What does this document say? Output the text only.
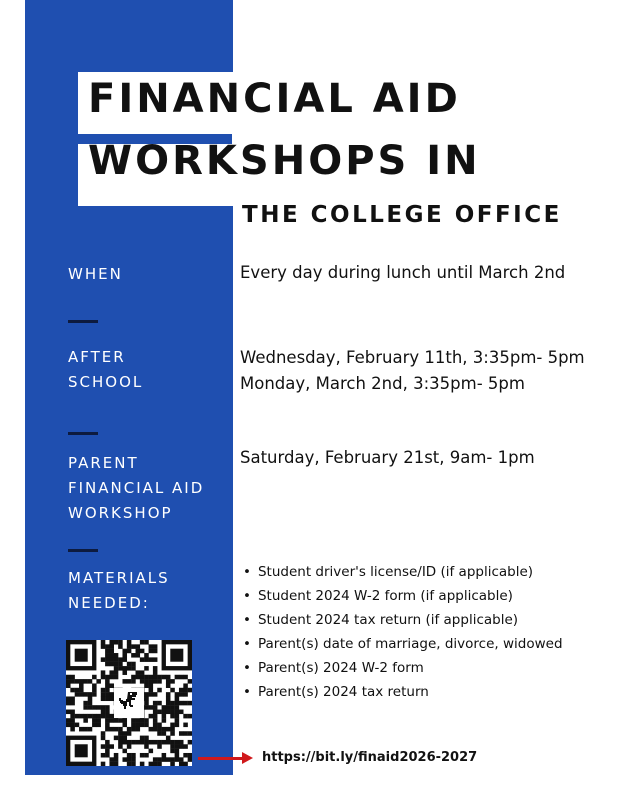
FINANCIAL AID
WORKSHOPS IN
THE COLLEGE OFFICE
WHEN	Every day during lunch until March 2nd
AFTER
SCHOOL
Wednesday, February 11th, 3:35pm- 5pm
Monday, March 2nd, 3:35pm- 5pm
PARENT
FINANCIAL AID
WORKSHOP
Saturday, February 21st, 9am- 1pm
MATERIALS
NEEDED:
• Student driver's license/ID (if applicable)
• Student 2024 W-2 form (if applicable)
• Student 2024 tax return (if applicable)
• Parent(s) date of marriage, divorce, widowed
• Parent(s) 2024 W-2 form
• Parent(s) 2024 tax return
https://bit.ly/finaid2026-2027
